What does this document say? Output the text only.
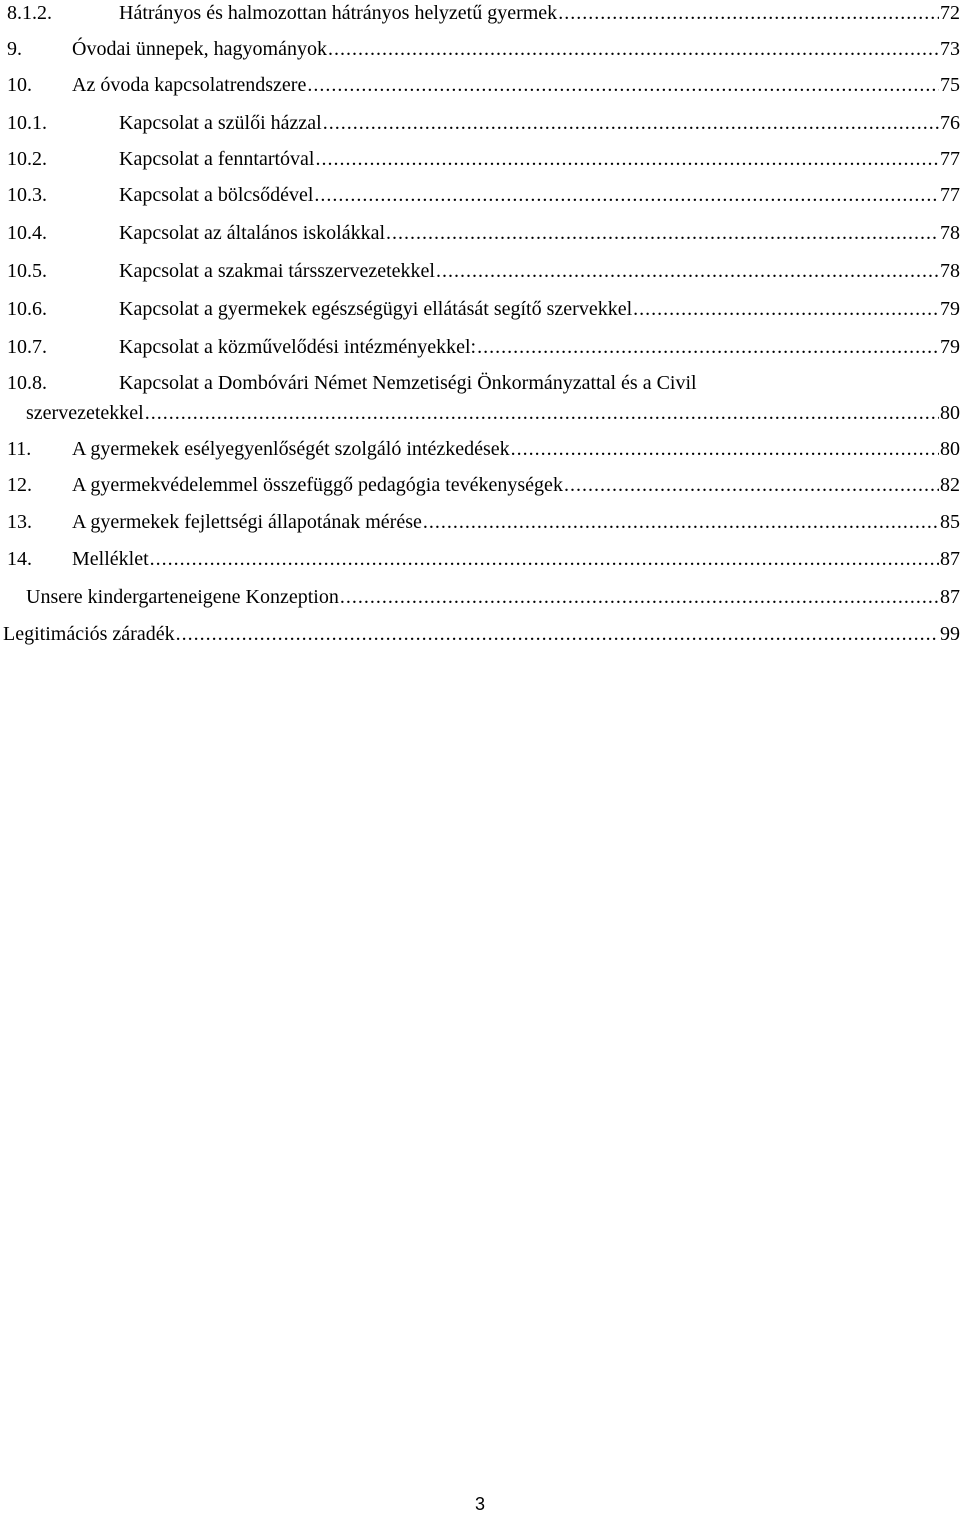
8.1.2.	Hátrányos és halmozottan hátrányos helyzetű gyermek .....	72
9.	Óvodai ünnepek, hagyományok .....	73
10. Az óvoda kapcsolatrendszere .....	75
10.1.	Kapcsolat a szülői házzal .....	76
10.2.	Kapcsolat a fenntartóval .....	77
10.3.	Kapcsolat a bölcsődével .....	77
10.4.	Kapcsolat az általános iskolákkal .....	78
10.5.	Kapcsolat a szakmai társszervezetekkel .....	78
10.6.	Kapcsolat a gyermekek egészségügyi ellátását segítő szervekkel .....	79
10.7.	Kapcsolat a közművelődési intézményekkel: .....	79
10.8.	Kapcsolat a Dombóvári Német Nemzetiségi Önkormányzattal és a Civil
szervezetekkel .....	80
11. A gyermekek esélyegyenlőségét szolgáló intézkedések .....	80
12. A gyermekvédelemmel összefüggő pedagógia tevékenységek .....	82
13. A gyermekek fejlettségi állapotának mérése .....	85
14. Melléklet .....	87
Unsere kindergarteneigene Konzeption .....	87
Legitimációs záradék .....	99
3
